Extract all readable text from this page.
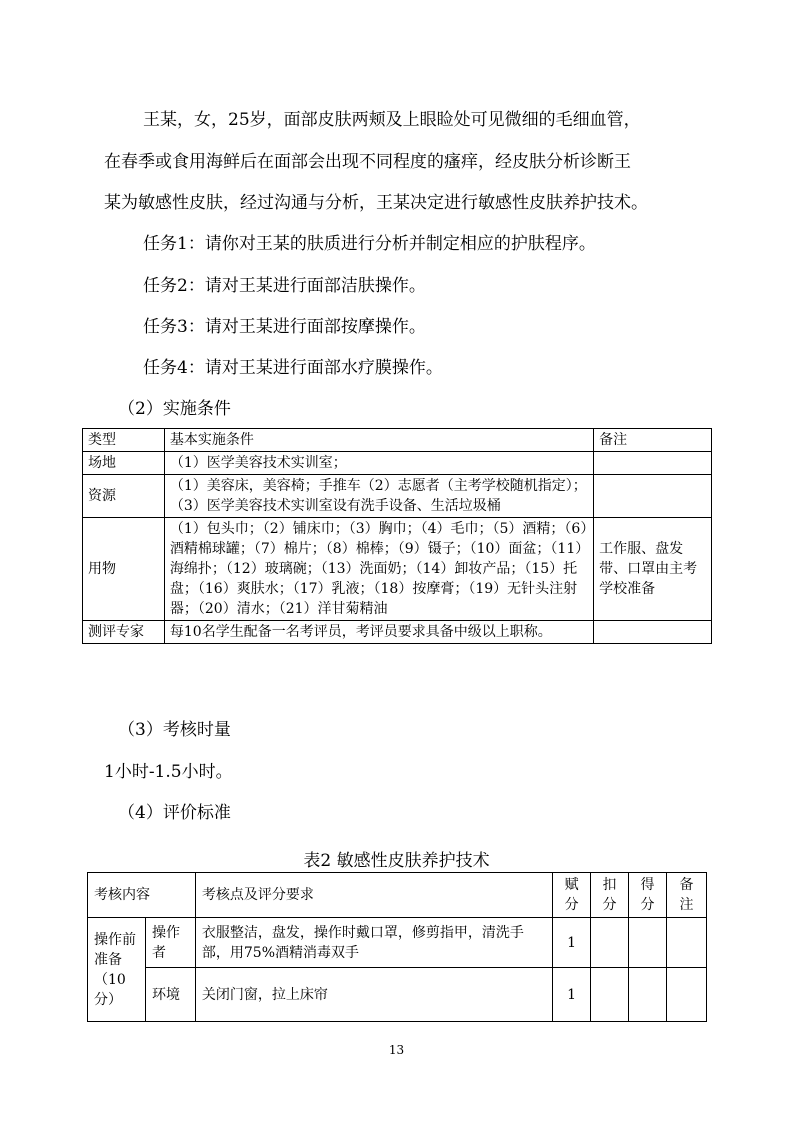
王某，女，25岁，面部皮肤两颊及上眼睑处可见微细的毛细血管，
在春季或食用海鲜后在面部会出现不同程度的瘙痒，经皮肤分析诊断王
某为敏感性皮肤，经过沟通与分析，王某决定进行敏感性皮肤养护技术。
任务1：请你对王某的肤质进行分析并制定相应的护肤程序。
任务2：请对王某进行面部洁肤操作。
任务3：请对王某进行面部按摩操作。
任务4：请对王某进行面部水疗膜操作。
（2）实施条件
类型	基本实施条件	备注
场地	（1）医学美容技术实训室；	
资源	（1）美容床，美容椅；手推车（2）志愿者（主考学校随机指定）；（3）医学美容技术实训室设有洗手设备、生活垃圾桶	
用物	（1）包头巾；（2）铺床巾；（3）胸巾；（4）毛巾；（5）酒精；（6）酒精棉球罐；（7）棉片；（8）棉棒；（9）镊子；（10）面盆；（11）海绵扑；（12）玻璃碗；（13）洗面奶；（14）卸妆产品；（15）托盘；（16）爽肤水；（17）乳液；（18）按摩膏；（19）无针头注射器；（20）清水；（21）洋甘菊精油	工作服、盘发带、口罩由主考学校准备
测评专家	每10名学生配备一名考评员，考评员要求具备中级以上职称。	
（3）考核时量
1小时-1.5小时。
（4）评价标准
表2 敏感性皮肤养护技术
考核内容		考核点及评分要求	赋分	扣分	得分	备注
操作前准备（10分）	操作者	衣服整洁，盘发，操作时戴口罩，修剪指甲，清洗手部，用75%酒精消毒双手	1			
	环境	关闭门窗，拉上床帘	1			
13
